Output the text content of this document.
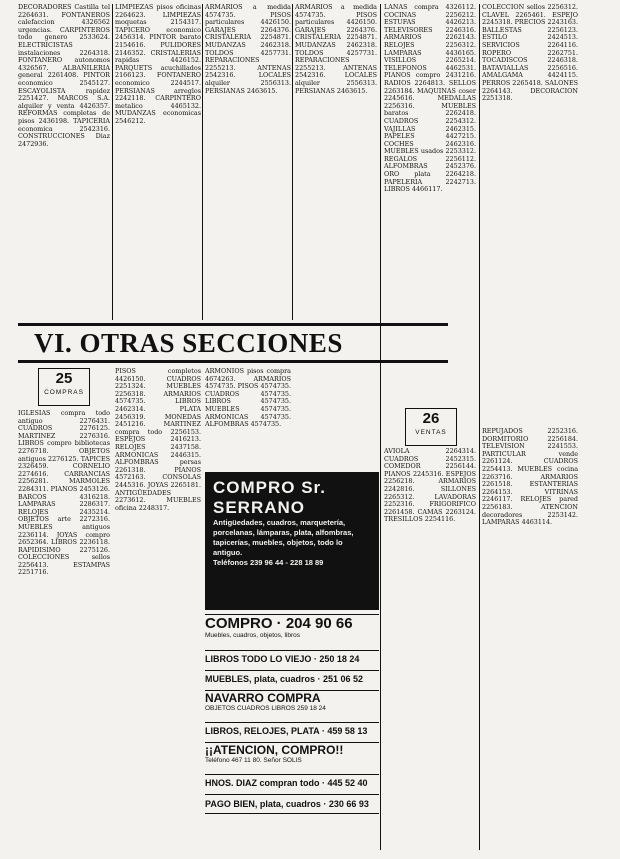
DECORADORES Castilla tel 2264631. FONTANEROS calefaccion 4326562 urgencias. CARPINTEROS todo genero 2533624. ELECTRICISTAS instalaciones 2264318. FONTANERO autonomos 4326567. ALBAÑILERIA general 2261408. PINTOR economico 2545127. ESCAYOLISTA rapidez 2251427. MARCOS S.A. alquiler y venta 4426357. REFORMAS completas de pisos 2436198. TAPICERIA economica 2542316. CONSTRUCCIONES Diaz 2472936.

25
COMPRAS

IGLESIAS compra todo antiguo 2276431. CUADROS 2276125. MARTINEZ 2276316. LIBROS compro bibliotecas 2276718. OBJETOS antiguos 2276125. TAPICES 2326459. CORNELIO 2274616. CARRANCIAS 2256281. MARMOLES 2284311. PIANOS 2453126. BARCOS 4316218. LAMPARAS 2286317. RELOJES 2435214. OBJETOS arte 2272316. MUEBLES antiguos 2236114. JOYAS compro 2652364. LIBROS 2236118. RAPIDISIMO 2275126. COLECCIONES sellos 2256413. ESTAMPAS 2251716.

LIMPIEZAS pisos oficinas 2264623. LIMPIEZAS moquetas 2154317. TAPICERO economico 2456314. PINTOR barato 2154616. PULIDORES 2146352. CRISTALERIAS rapidas 4426152. PARQUETS acuchillados 2166123. FONTANERO economico 2244517. PERSIANAS arreglos 2242118. CARPINTERO metalico 4465132. MUDANZAS economicas 2546212.

PISOS completos 4426150. CUADROS 2251324. MUEBLES 2256318. ARMARIOS 4574735. LIBROS 2462314. PLATA 2456319. MONEDAS 2451216. MARTINEZ compra todo 2256153. ESPEJOS 2416213. RELOJES 2437158. ARMONICAS 2446315. ALFOMBRAS persas 2261318. PIANOS 4572163. CONSOLAS 2445316. JOYAS 2265181. ANTIGÜEDADES 2273612. MUEBLES oficina 2248317.

ARMARIOS a medida 4574735. PISOS particulares 4426150. GARAJES 2264376. CRISTALERIA 2254871. MUDANZAS 2462318. TOLDOS 4257731. REPARACIONES 2255213. ANTENAS 2542316. LOCALES alquiler 2556313. PERSIANAS 2463615.

VI. OTRAS SECCIONES

ARMONIOS pisos compra 4674263. ARMARIOS 4574735. PISOS 4574735. CUADROS 4574735. LIBROS 4574735. MUEBLES 4574735. ARMONICAS 4574735. ALFOMBRAS 4574735.

COMPRO Sr. SERRANO
Antigüedades, cuadros, marquetería, porcelanas, lámparas, plata, alfombras, tapicerías, muebles, objetos, todo lo antiguo.
Teléfonos 239 96 44 - 228 18 89
COMPRO · 204 90 66
Muebles, cuadros, objetos, libros
LIBROS TODO LO VIEJO · 250 18 24
MUEBLES, plata, cuadros · 251 06 52
NAVARRO COMPRA
OBJETOS CUADROS LIBROS 259 18 24
LIBROS, RELOJES, PLATA · 459 58 13
¡¡ATENCION, COMPRO!!
Teléfono 467 11 80. Señor SOLIS
HNOS. DIAZ compran todo · 445 52 40
PAGO BIEN, plata, cuadros · 230 66 93

ARMARIOS a medida 4574735. PISOS particulares 4426150. GARAJES 2264376. CRISTALERIA 2254871. MUDANZAS 2462318. TOLDOS 4257731. REPARACIONES 2255213. ANTENAS 2542316. LOCALES alquiler 2556313. PERSIANAS 2463615.

LANAS compra 4326112. COCINAS 2256212. ESTUFAS 4426213. TELEVISORES 2246316. ARMARIOS 2262143. RELOJES 2256312. LAMPARAS 4436165. VISILLOS 2265214. TELEFONOS 4462531. PIANOS compro 2431216. RADIOS 2264813. SELLOS 2263184. MAQUINAS coser 2245616. MEDALLAS 2256316. MUEBLES baratos 2262418. CUADROS 2254312. VAJILLAS 2462315. PAPELES 4427215. COCHES 2462316. MUEBLES usados 2253312. REGALOS 2256112. ALFOMBRAS 2452376. ORO plata 2264218. PAPELERIA 2242713. LIBROS 4466117.

26
VENTAS

AVIOLA 2264314. CUADROS 2452315. COMEDOR 2256144. PIANOS 2245316. ESPEJOS 2256218. ARMARIOS 2242816. SILLONES 2265312. LAVADORAS 2252316. FRIGORIFICO 2261458. CAMAS 2263124. TRESILLOS 2254116.

COLECCION sellos 2256312. CLAVEL 2265461. ESPEJO 2245318. PRECIOS 2243163. BALLESTAS 2256123. ESTILO 2424513. SERVICIOS 2264116. ROPERO 2262751. TOCADISCOS 2246318. BATAVIALLAS 2256516. AMALGAMA 4424115. PERROS 2265418. SALONES 2264143. DECORACION 2251318.

REPUJADOS 2252316. DORMITORIO 2256184. TELEVISION 2241553. PARTICULAR vende 2261124. CUADROS 2254413. MUEBLES cocina 2263716. ARMARIOS 2261518. ESTANTERIAS 2264153. VITRINAS 2246117. RELOJES pared 2256183. ATENCION decoradores 2253142. LAMPARAS 4463114.
